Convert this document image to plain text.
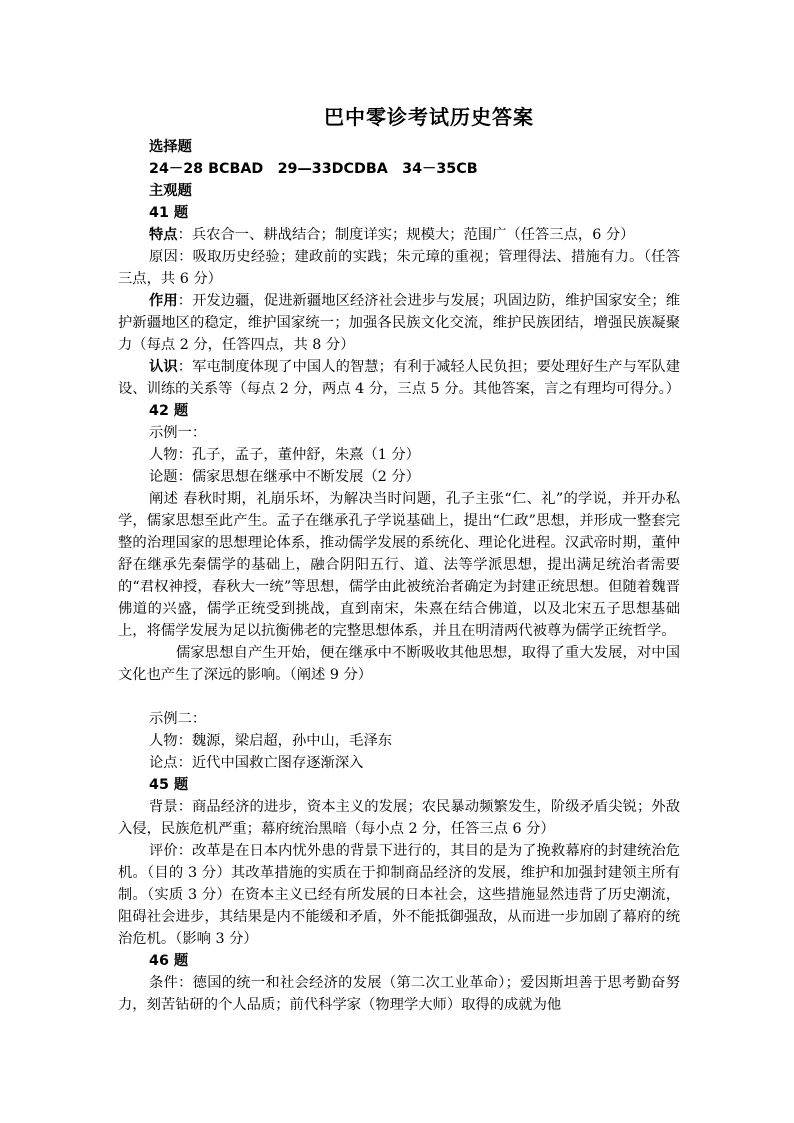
巴中零诊考试历史答案

选择题

24－28 BCBAD　29—33DCDBA　34－35CB

主观题

41 题

特点：兵农合一、耕战结合；制度详实；规模大；范围广（任答三点，6 分）

原因：吸取历史经验；建政前的实践；朱元璋的重视；管理得法、措施有力。（任答三点，共 6 分）

作用：开发边疆，促进新疆地区经济社会进步与发展；巩固边防，维护国家安全；维护新疆地区的稳定，维护国家统一；加强各民族文化交流，维护民族团结，增强民族凝聚力（每点 2 分，任答四点，共 8 分）

认识：军屯制度体现了中国人的智慧；有利于减轻人民负担；要处理好生产与军队建设、训练的关系等（每点 2 分，两点 4 分，三点 5 分。其他答案，言之有理均可得分。）

42 题

示例一：

人物：孔子，孟子，董仲舒，朱熹（1 分）

论题：儒家思想在继承中不断发展（2 分）

阐述 春秋时期，礼崩乐坏，为解决当时问题，孔子主张“仁、礼”的学说，并开办私学，儒家思想至此产生。孟子在继承孔子学说基础上，提出“仁政”思想，并形成一整套完整的治理国家的思想理论体系，推动儒学发展的系统化、理论化进程。汉武帝时期，董仲舒在继承先秦儒学的基础上，融合阴阳五行、道、法等学派思想，提出满足统治者需要的“君权神授，春秋大一统”等思想，儒学由此被统治者确定为封建正统思想。但随着魏晋佛道的兴盛，儒学正统受到挑战，直到南宋，朱熹在结合佛道，以及北宋五子思想基础上，将儒学发展为足以抗衡佛老的完整思想体系，并且在明清两代被尊为儒学正统哲学。

儒家思想自产生开始，便在继承中不断吸收其他思想，取得了重大发展，对中国文化也产生了深远的影响。（阐述 9 分）

示例二：

人物：魏源，梁启超，孙中山，毛泽东

论点：近代中国救亡图存逐渐深入

45 题

背景：商品经济的进步，资本主义的发展；农民暴动频繁发生，阶级矛盾尖锐；外敌入侵，民族危机严重；幕府统治黑暗（每小点 2 分，任答三点 6 分）

评价：改革是在日本内忧外患的背景下进行的，其目的是为了挽救幕府的封建统治危机。（目的 3 分）其改革措施的实质在于抑制商品经济的发展，维护和加强封建领主所有制。（实质 3 分）在资本主义已经有所发展的日本社会，这些措施显然违背了历史潮流，阻碍社会进步，其结果是内不能缓和矛盾，外不能抵御强敌，从而进一步加剧了幕府的统治危机。（影响 3 分）

46 题

条件：德国的统一和社会经济的发展（第二次工业革命）；爱因斯坦善于思考勤奋努力，刻苦钻研的个人品质；前代科学家（物理学大师）取得的成就为他
